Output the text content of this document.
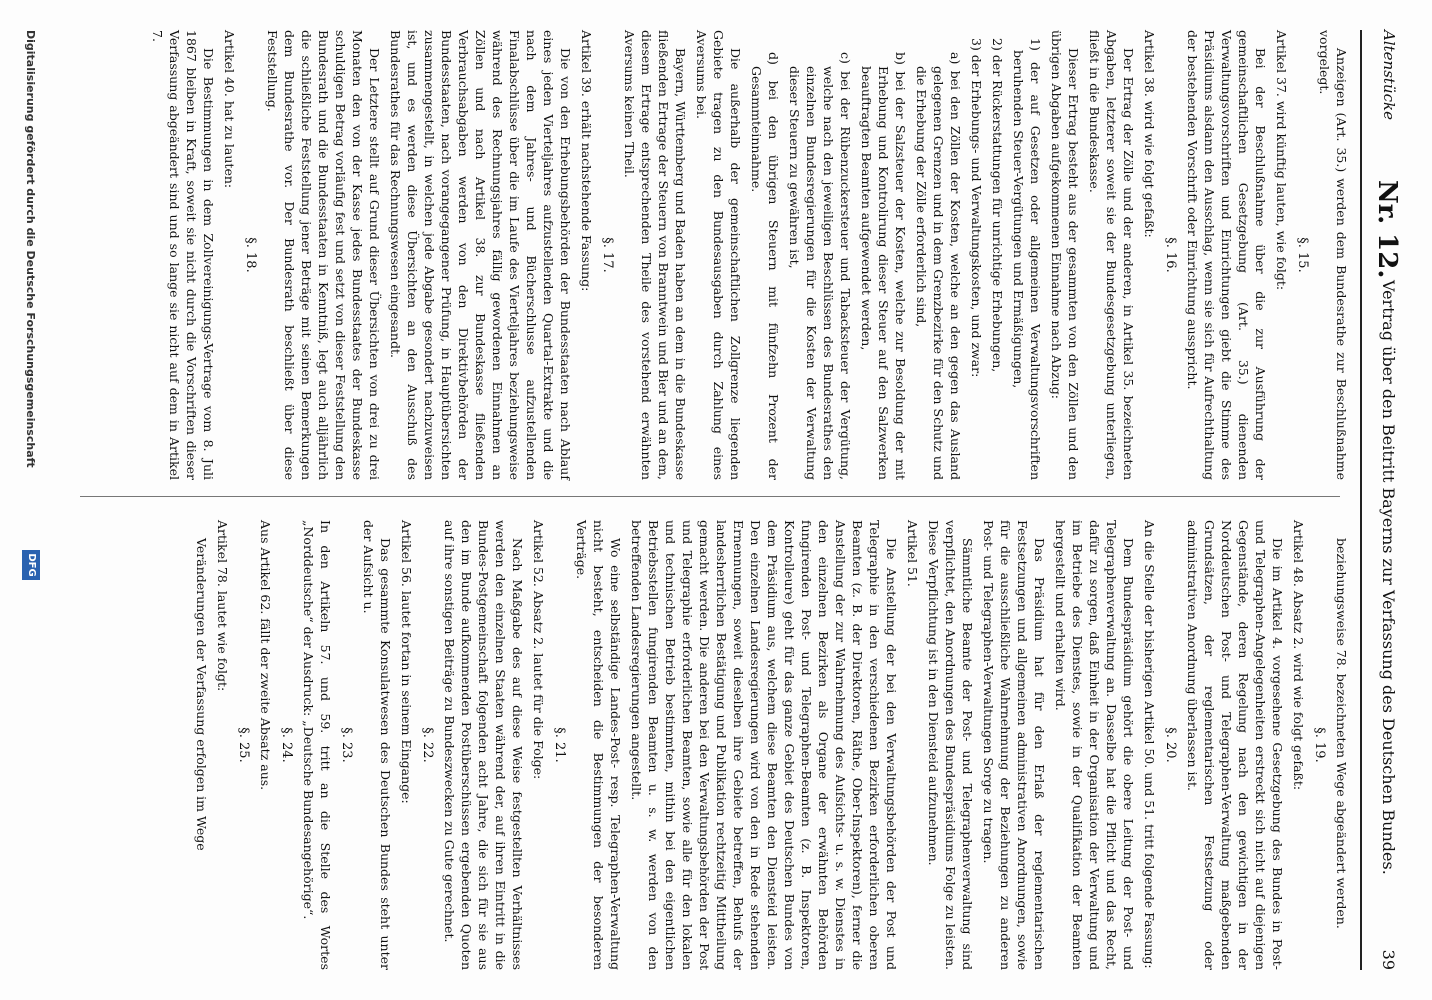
Altenstücke
Nr. 12.
Vertrag über den Beitritt Bayerns zur Verfassung des Deutschen Bundes.
39

Anzeigen (Art. 35.) werden dem Bundesrathe zur Beschlußnahme vorgelegt.

§. 15.

Artikel 37. wird künftig lauten, wie folgt:

Bei der Beschlußnahme über die zur Ausführung der gemeinschaftlichen Gesetzgebung (Art. 35.) dienenden Verwaltungsvorschriften und Einrichtungen giebt die Stimme des Präsidiums alsdann den Ausschlag, wenn sie sich für Aufrechthaltung der bestehenden Vorschrift oder Einrichtung ausspricht.

§. 16.

Artikel 38. wird wie folgt gefaßt:

Der Ertrag der Zölle und der anderen, in Artikel 35. bezeichneten Abgaben, letzterer soweit sie der Bundesgesetzgebung unterliegen, fließt in die Bundeskasse.

Dieser Ertrag besteht aus der gesammten von den Zöllen und den übrigen Abgaben aufgekommenen Einnahme nach Abzug:

1) der auf Gesetzen oder allgemeinen Verwaltungsvorschriften beruhenden Steuer-Vergütungen und Ermäßigungen,

2) der Rückerstattungen für unrichtige Erhebungen,

3) der Erhebungs- und Verwaltungskosten, und zwar:

a) bei den Zöllen der Kosten, welche an den gegen das Ausland gelegenen Grenzen und in dem Grenzbezirke für den Schutz und die Erhebung der Zölle erforderlich sind,

b) bei der Salzsteuer der Kosten, welche zur Besoldung der mit Erhebung und Kontrolirung dieser Steuer auf den Salzwerken beauftragten Beamten aufgewendet werden,

c) bei der Rübenzuckersteuer und Tabacksteuer der Vergütung, welche nach den jeweiligen Beschlüssen des Bundesrathes den einzelnen Bundesregierungen für die Kosten der Verwaltung dieser Steuern zu gewähren ist,

d) bei den übrigen Steuern mit fünfzehn Prozent der Gesammteinnahme.

Die außerhalb der gemeinschaftlichen Zollgrenze liegenden Gebiete tragen zu den Bundesausgaben durch Zahlung eines Aversums bei.

Bayern, Württemberg und Baden haben an dem in die Bundeskasse fließenden Ertrage der Steuern von Branntwein und Bier und an dem, diesem Ertrage entsprechenden Theile des vorstehend erwähnten Aversums keinen Theil.

§. 17.

Artikel 39. erhält nachstehende Fassung:

Die von den Erhebungsbehörden der Bundesstaaten nach Ablauf eines jeden Vierteljahres aufzustellenden Quartal-Extrakte und die nach dem Jahres- und Bücherschlusse aufzustellenden Finalabschlüsse über die im Laufe des Vierteljahres beziehungsweise während des Rechnungsjahres fällig gewordenen Einnahmen an Zöllen und nach Artikel 38. zur Bundeskasse fließenden Verbrauchsabgaben werden von den Direktivbehörden der Bundesstaaten, nach vorangegangener Prüfung, in Hauptübersichten zusammengestellt, in welchen jede Abgabe gesondert nachzuweisen ist, und es werden diese Übersichten an den Ausschuß des Bundesrathes für das Rechnungswesen eingesandt.

Der Letztere stellt auf Grund dieser Übersichten von drei zu drei Monaten den von der Kasse jedes Bundesstaates der Bundeskasse schuldigen Betrag vorläufig fest und setzt von dieser Feststellung den Bundesrath und die Bundesstaaten in Kenntniß, legt auch alljährlich die schließliche Feststellung jener Beträge mit seinen Bemerkungen dem Bundesrathe vor. Der Bundesrath beschließt über diese Feststellung.

§. 18.

Artikel 40. hat zu lauten:

Die Bestimmungen in dem Zollvereinigungs-Vertrage vom 8. Juli 1867 bleiben in Kraft, soweit sie nicht durch die Vorschriften dieser Verfassung abgeändert sind und so lange sie nicht auf dem in Artikel 7.

beziehungsweise 78. bezeichneten Wege abgeändert werden.

§. 19.

Artikel 48. Absatz 2. wird wie folgt gefaßt:

Die im Artikel 4. vorgesehene Gesetzgebung des Bundes in Post- und Telegraphen-Angelegenheiten erstreckt sich nicht auf diejenigen Gegenstände, deren Regelung nach den gewichtigen in der Norddeutschen Post- und Telegraphen-Verwaltung maßgebenden Grundsätzen, der reglementarischen Festsetzung oder administrativen Anordnung überlassen ist.

§. 20.

An die Stelle der bisherigen Artikel 50. und 51. tritt folgende Fassung:

Dem Bundespräsidium gehört die obere Leitung der Post- und Telegraphenverwaltung an. Dasselbe hat die Pflicht und das Recht, dafür zu sorgen, daß Einheit in der Organisation der Verwaltung und im Betriebe des Dienstes, sowie in der Qualifikation der Beamten hergestellt und erhalten wird.

Das Präsidium hat für den Erlaß der reglementarischen Festsetzungen und allgemeinen administrativen Anordnungen, sowie für die ausschließliche Wahrnehmung der Beziehungen zu anderen Post- und Telegraphen-Verwaltungen Sorge zu tragen.

Sämmtliche Beamte der Post- und Telegraphenverwaltung sind verpflichtet, den Anordnungen des Bundespräsidiums Folge zu leisten. Diese Verpflichtung ist in den Diensteid aufzunehmen.

Artikel 51.

Die Anstellung der bei den Verwaltungsbehörden der Post und Telegraphie in den verschiedenen Bezirken erforderlichen oberen Beamten (z. B. der Direktoren, Räthe, Ober-Inspektoren), ferner die Anstellung der zur Wahrnehmung des Aufsichts- u. s. w. Dienstes in den einzelnen Bezirken als Organe der erwähnten Behörden fungirenden Post- und Telegraphen-Beamten (z. B. Inspektoren, Kontrolleure) geht für das ganze Gebiet des Deutschen Bundes von dem Präsidium aus, welchem diese Beamten den Diensteid leisten. Den einzelnen Landesregierungen wird von den in Rede stehenden Ernennungen, soweit dieselben ihre Gebiete betreffen, Behufs der landesherrlichen Bestätigung und Publikation rechtzeitig Mittheilung gemacht werden. Die anderen bei den Verwaltungsbehörden der Post und Telegraphie erforderlichen Beamten, sowie alle für den lokalen und technischen Betrieb bestimmten, mithin bei den eigentlichen Betriebsstellen fungirenden Beamten u. s. w. werden von den betreffenden Landesregierungen angestellt.

Wo eine selbständige Landes-Post- resp. Telegraphen-Verwaltung nicht besteht, entscheiden die Bestimmungen der besonderen Verträge.

§. 21.

Artikel 52. Absatz 2. lautet für die Folge:

Nach Maßgabe des auf diese Weise festgestellten Verhältnisses werden den einzelnen Staaten während der, auf ihren Eintritt in die Bundes-Postgemeinschaft folgenden acht Jahre, die sich für sie aus den im Bunde aufkommenden Postüberschüssen ergebenden Quoten auf ihre sonstigen Beiträge zu Bundeszwecken zu Gute gerechnet.

§. 22.

Artikel 56. lautet fortan in seinem Eingange:

Das gesammte Konsulatwesen des Deutschen Bundes steht unter der Aufsicht u.

§. 23.

In den Artikeln 57. und 59. tritt an die Stelle des Wortes „Norddeutsche“ der Ausdruck: „Deutsche Bundesangehörige“.

§. 24.

Aus Artikel 62. fällt der zweite Absatz aus.

§. 25.

Artikel 78. lautet wie folgt:

Veränderungen der Verfassung erfolgen im Wege

Digitalisierung gefördert durch die Deutsche Forschungsgemeinschaft
DFG
